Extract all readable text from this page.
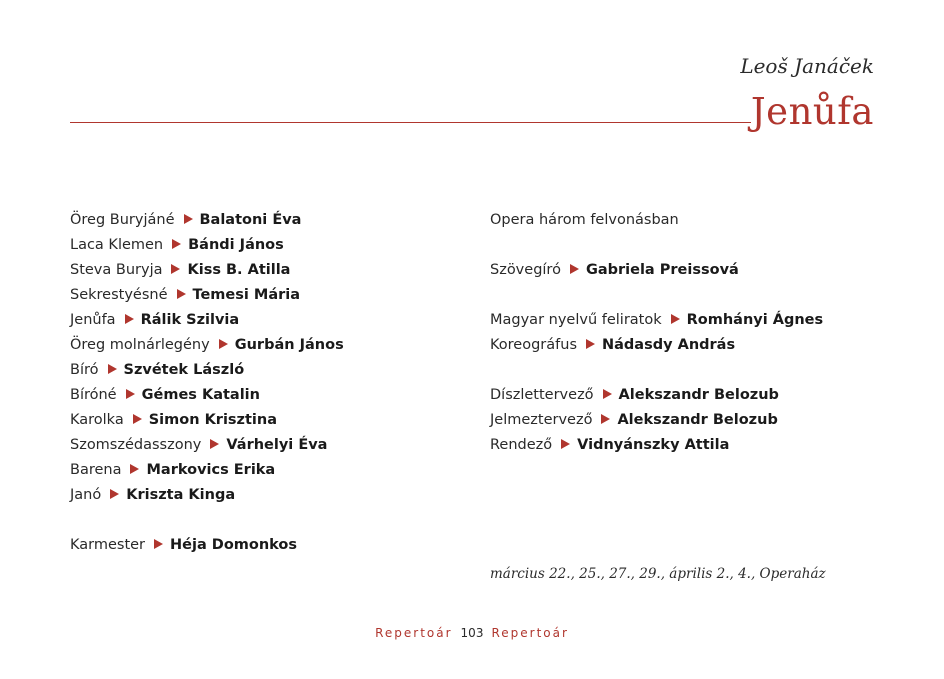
Leoš Janáček
Jenůfa
Öreg Buryjáné Balatoni Éva
Laca Klemen Bándi János
Steva Buryja Kiss B. Atilla
Sekrestyésné Temesi Mária
Jenůfa Rálik Szilvia
Öreg molnárlegény Gurbán János
Bíró Szvétek László
Bíróné Gémes Katalin
Karolka Simon Krisztina
Szomszédasszony Várhelyi Éva
Barena Markovics Erika
Janó Kriszta Kinga
Karmester Héja Domonkos
Opera három felvonásban
Szövegíró Gabriela Preissová
Magyar nyelvű feliratok Romhányi Ágnes
Koreográfus Nádasdy András
Díszlettervező Alekszandr Belozub
Jelmeztervező Alekszandr Belozub
Rendező Vidnyánszky Attila
március 22., 25., 27., 29., április 2., 4., Operaház
Repertoár 103 Repertoár
